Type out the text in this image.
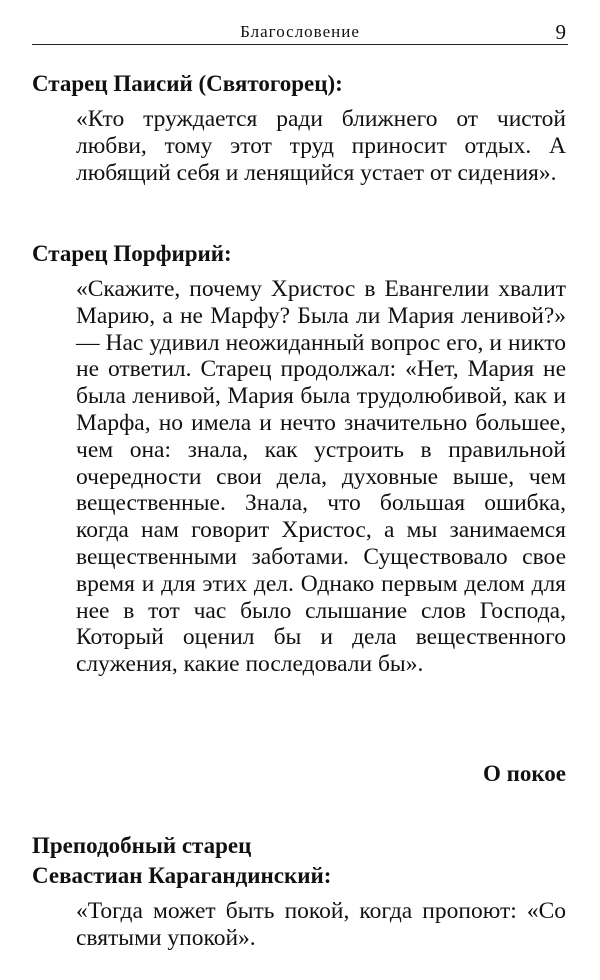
Благословение	9
Старец Паисий (Святогорец):
«Кто труждается ради ближнего от чистой любви, тому этот труд приносит отдых. А любящий себя и ленящийся устает от сидения».
Старец Порфирий:
«Скажите, почему Христос в Евангелии хвалит Марию, а не Марфу? Была ли Мария ленивой?» — Нас удивил неожиданный вопрос его, и никто не ответил. Старец продолжал: «Нет, Мария не была ленивой, Мария была трудолюбивой, как и Марфа, но имела и нечто значительно большее, чем она: знала, как устроить в правильной очередности свои дела, духовные выше, чем вещественные. Знала, что большая ошибка, когда нам говорит Христос, а мы занимаемся вещественными заботами. Существовало свое время и для этих дел. Однако первым делом для нее в тот час было слышание слов Господа, Который оценил бы и дела вещественного служения, какие последовали бы».
О покое
Преподобный старец
Севастиан Карагандинский:
«Тогда может быть покой, когда пропоют: «Со святыми упокой».
